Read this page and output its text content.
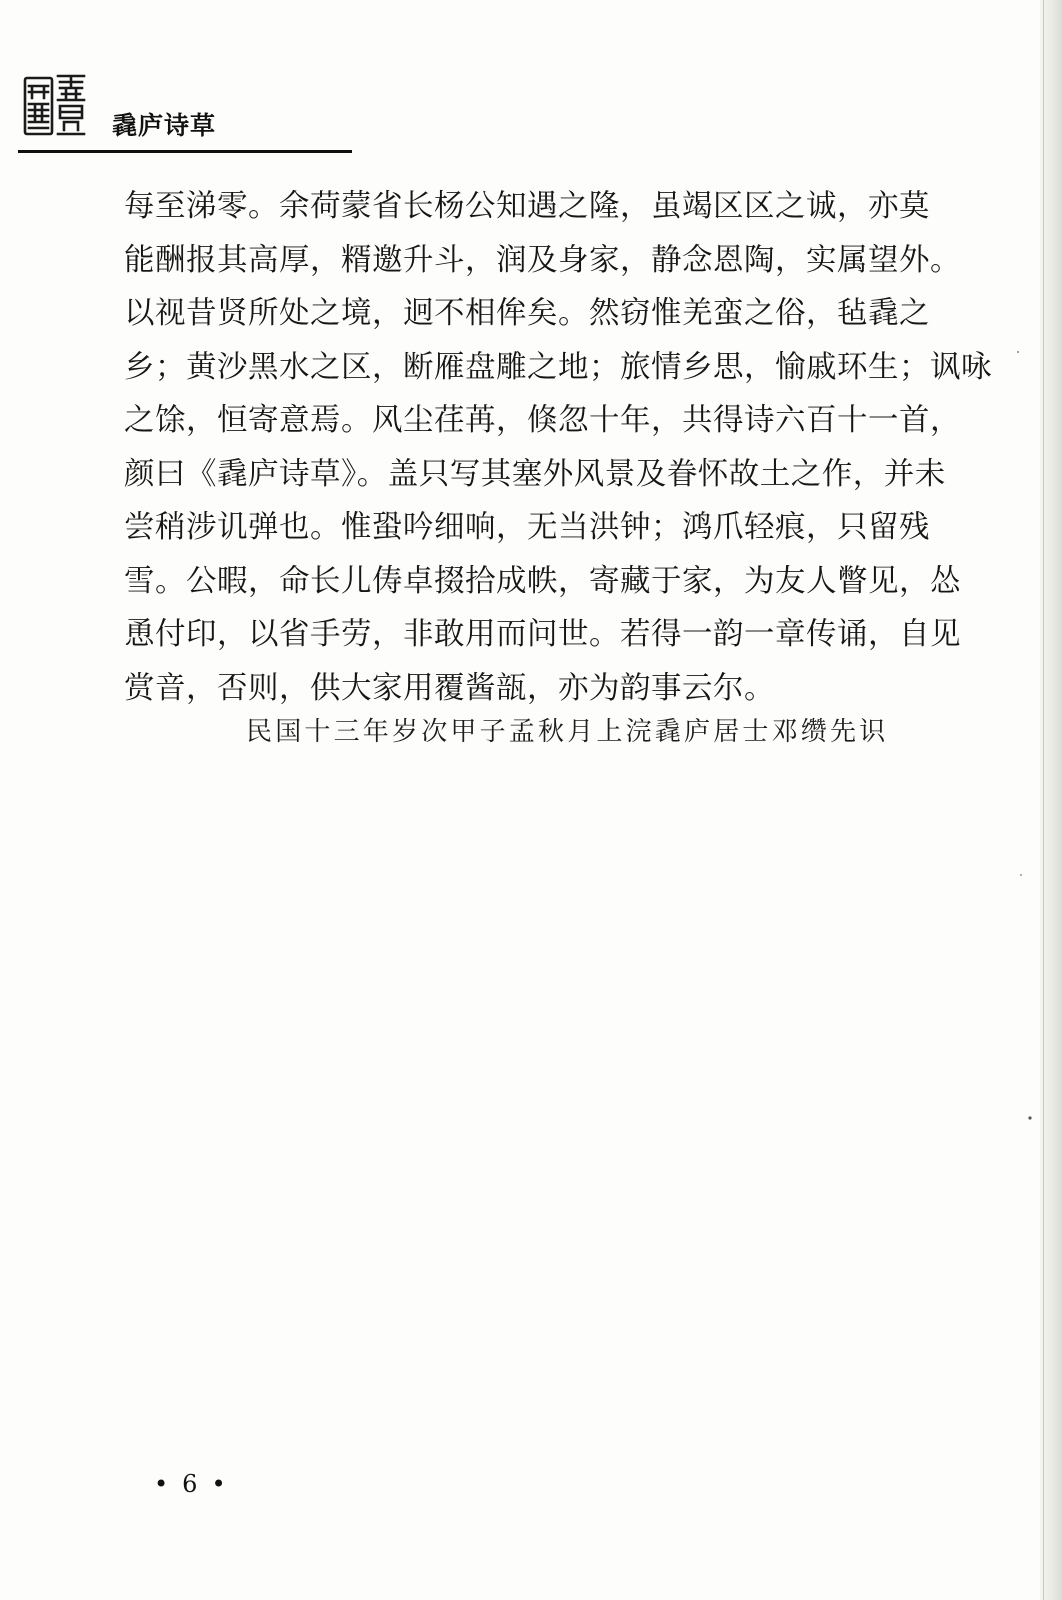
毳庐诗草
每至涕零。余荷蒙省长杨公知遇之隆，虽竭区区之诚，亦莫
能酬报其高厚，糈邀升斗，润及身家，静念恩陶，实属望外。
以视昔贤所处之境，迥不相侔矣。然窃惟羌蛮之俗，毡毳之
乡；黄沙黑水之区，断雁盘雕之地；旅情乡思，愉戚环生；讽咏
之馀，恒寄意焉。风尘荏苒，倏忽十年，共得诗六百十一首，
颜曰《毳庐诗草》。盖只写其塞外风景及眷怀故土之作，并未
尝稍涉讥弹也。惟蛩吟细响，无当洪钟；鸿爪轻痕，只留残
雪。公暇，命长儿俦卓掇拾成帙，寄藏于家，为友人瞥见，怂
恿付印，以省手劳，非敢用而问世。若得一韵一章传诵，自见
赏音，否则，供大家用覆酱瓿，亦为韵事云尔。
民国十三年岁次甲子孟秋月上浣毳庐居士邓缵先识
• 6 •
